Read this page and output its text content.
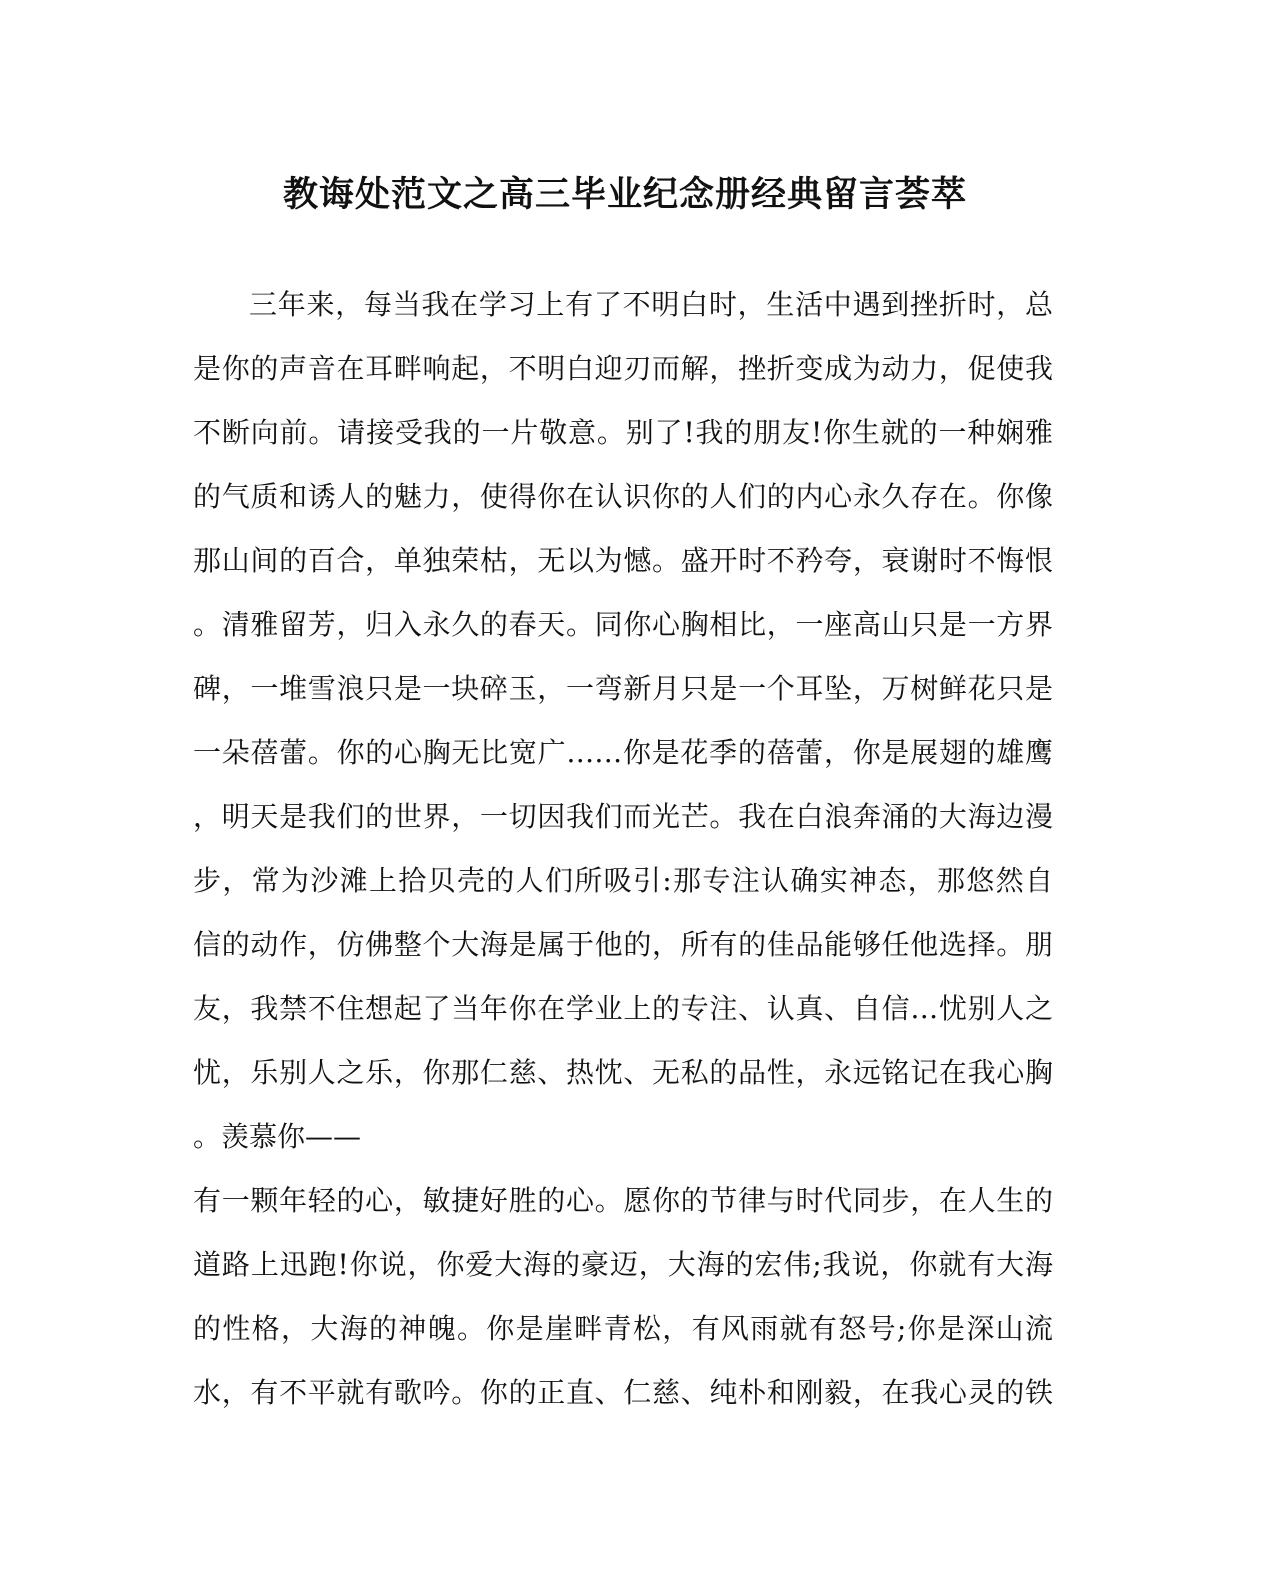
教诲处范文之高三毕业纪念册经典留言荟萃
三年来，每当我在学习上有了不明白时，生活中遇到挫折时，总
是你的声音在耳畔响起，不明白迎刃而解，挫折变成为动力，促使我
不断向前。请接受我的一片敬意。别了!我的朋友!你生就的一种娴雅
的气质和诱人的魅力，使得你在认识你的人们的内心永久存在。你像
那山间的百合，单独荣枯，无以为憾。盛开时不矜夸，衰谢时不悔恨
。清雅留芳，归入永久的春天。同你心胸相比，一座高山只是一方界
碑，一堆雪浪只是一块碎玉，一弯新月只是一个耳坠，万树鲜花只是
一朵蓓蕾。你的心胸无比宽广……你是花季的蓓蕾，你是展翅的雄鹰
，明天是我们的世界，一切因我们而光芒。我在白浪奔涌的大海边漫
步，常为沙滩上拾贝壳的人们所吸引:那专注认确实神态，那悠然自
信的动作，仿佛整个大海是属于他的，所有的佳品能够任他选择。朋
友，我禁不住想起了当年你在学业上的专注、认真、自信…忧别人之
忧，乐别人之乐，你那仁慈、热忱、无私的品性，永远铭记在我心胸
。羡慕你——
有一颗年轻的心，敏捷好胜的心。愿你的节律与时代同步，在人生的
道路上迅跑!你说，你爱大海的豪迈，大海的宏伟;我说，你就有大海
的性格，大海的神魄。你是崖畔青松，有风雨就有怒号;你是深山流
水，有不平就有歌吟。你的正直、仁慈、纯朴和刚毅，在我心灵的铁
